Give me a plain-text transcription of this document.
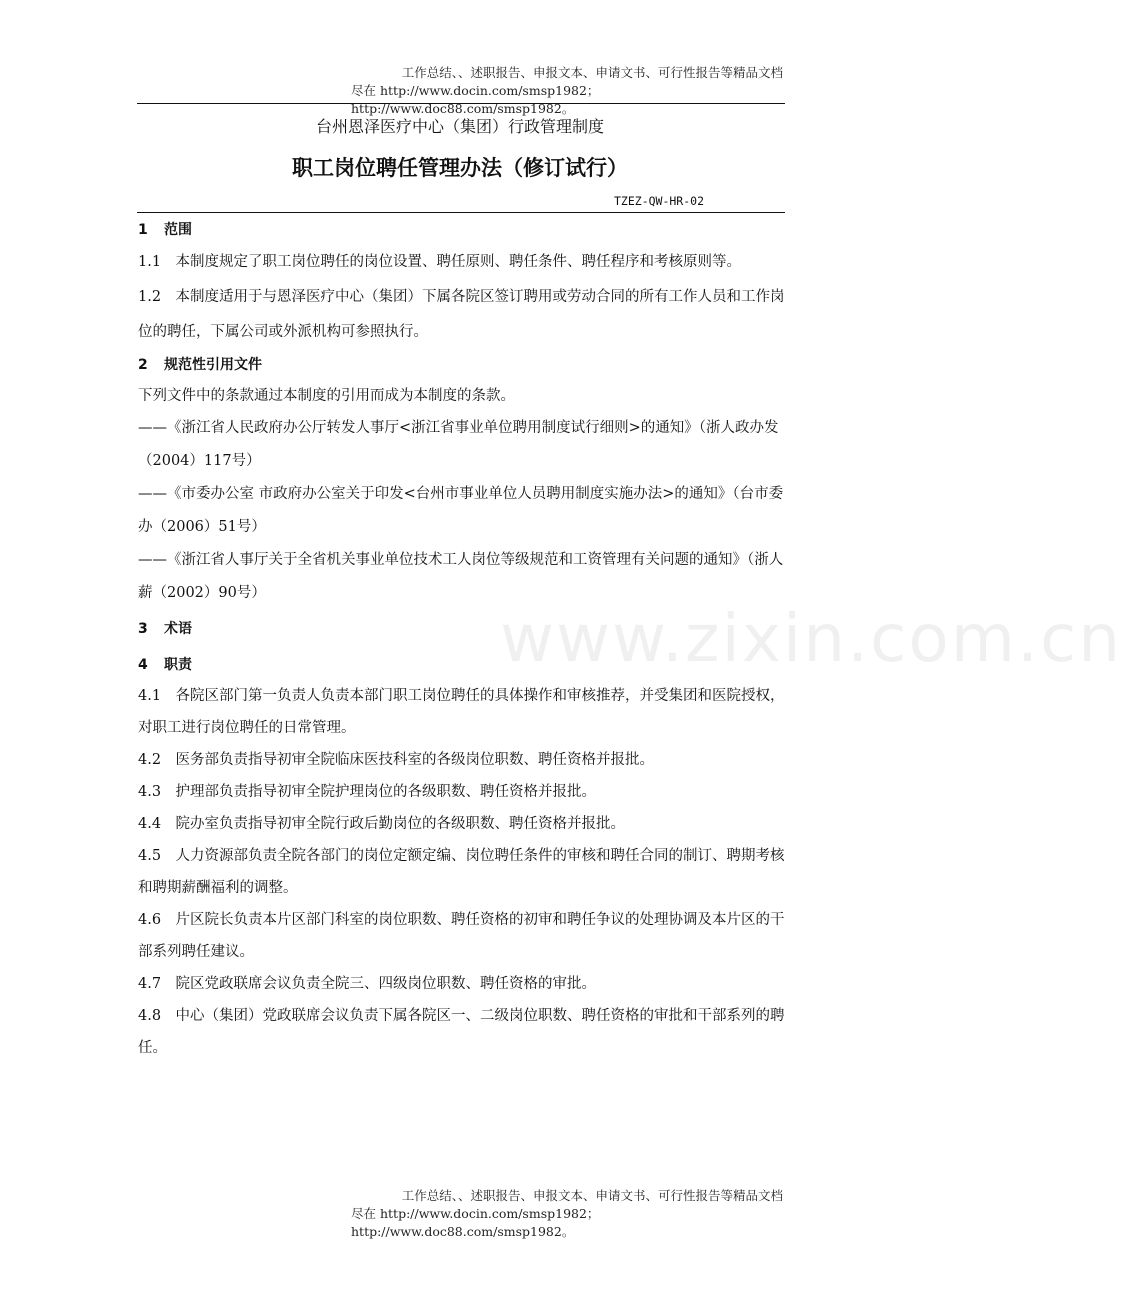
工作总结、、述职报告、申报文本、申请文书、可行性报告等精品文档
尽在 http://www.docin.com/smsp1982；http://www.doc88.com/smsp1982。
台州恩泽医疗中心（集团）行政管理制度
职工岗位聘任管理办法（修订试行）
TZEZ-QW-HR-02
www.zixin.com.cn
1 范围

1.1　本制度规定了职工岗位聘任的岗位设置、聘任原则、聘任条件、聘任程序和考核原则等。

1.2　本制度适用于与恩泽医疗中心（集团）下属各院区签订聘用或劳动合同的所有工作人员和工作岗位的聘任，下属公司或外派机构可参照执行。

2 规范性引用文件

下列文件中的条款通过本制度的引用而成为本制度的条款。

——《浙江省人民政府办公厅转发人事厅<浙江省事业单位聘用制度试行细则>的通知》（浙人政办发（2004）117号）

——《市委办公室 市政府办公室关于印发<台州市事业单位人员聘用制度实施办法>的通知》（台市委办（2006）51号）

——《浙江省人事厅关于全省机关事业单位技术工人岗位等级规范和工资管理有关问题的通知》（浙人薪（2002）90号）

3 术语
4 职责

4.1　各院区部门第一负责人负责本部门职工岗位聘任的具体操作和审核推荐，并受集团和医院授权，对职工进行岗位聘任的日常管理。

4.2　医务部负责指导初审全院临床医技科室的各级岗位职数、聘任资格并报批。

4.3　护理部负责指导初审全院护理岗位的各级职数、聘任资格并报批。

4.4　院办室负责指导初审全院行政后勤岗位的各级职数、聘任资格并报批。

4.5　人力资源部负责全院各部门的岗位定额定编、岗位聘任条件的审核和聘任合同的制订、聘期考核和聘期薪酬福利的调整。

4.6　片区院长负责本片区部门科室的岗位职数、聘任资格的初审和聘任争议的处理协调及本片区的干部系列聘任建议。

4.7　院区党政联席会议负责全院三、四级岗位职数、聘任资格的审批。

4.8　中心（集团）党政联席会议负责下属各院区一、二级岗位职数、聘任资格的审批和干部系列的聘任。

工作总结、、述职报告、申报文本、申请文书、可行性报告等精品文档
尽在 http://www.docin.com/smsp1982；http://www.doc88.com/smsp1982。
